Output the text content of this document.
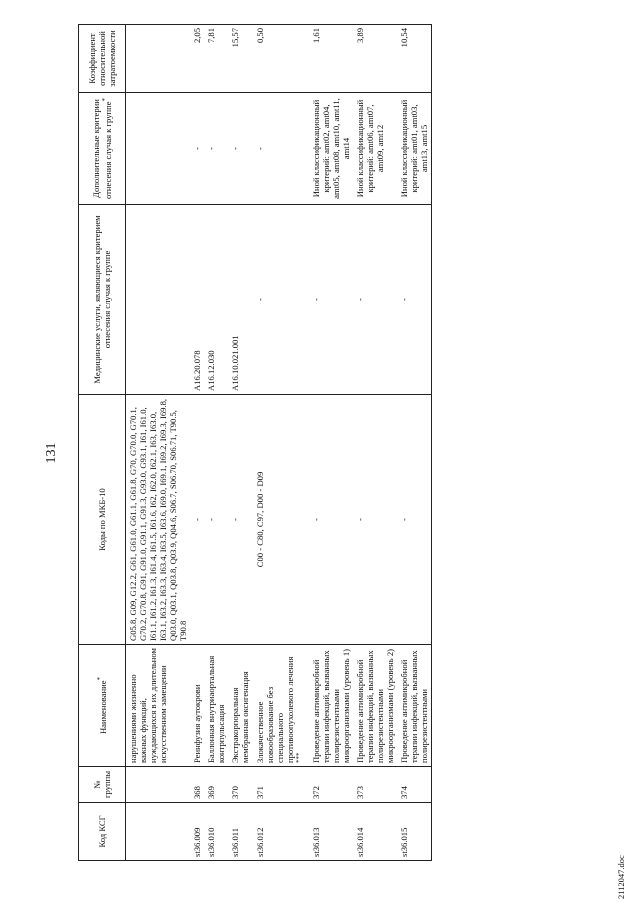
131
Код КСГ	№ группы	Наименование*	Коды по МКБ-10	Медицинские услуги, являющиеся критерием отнесения случая к группе	Дополнительные критерии отнесения случая к группе*	Коэффициент относительной затратоемкости
		нарушениями жизненно важных функций, нуждающихся в их длительном искусственном замещении	G05.8, G09, G12.2, G61, G61.0, G61.1, G61.8, G70, G70.0, G70.1, G70.2, G70.8, G91, G91.0, G91.1, G91.3, G93.0, G93.1, I61, I61.0, I61.1, I61.2, I61.3, I61.4, I61.5, I61.6, I62, I62.0, I62.1, I63, I63.0, I63.1, I63.2, I63.3, I63.4, I63.5, I63.6, I69.0, I69.1, I69.2, I69.3, I69.8, Q03.0, Q03.1, Q03.8, Q03.9, Q04.6, S06.7, S06.70, S06.71, T90.5, T90.8			
st36.009	368	Реинфузия аутокрови	-	A16.20.078	-	2,05
st36.010	369	Баллонная внутриаортальная контрпульсация	-	A16.12.030	-	7,81
st36.011	370	Экстракорпоральная мембранная оксигенация	-	A16.10.021.001	-	15,57
st36.012	371	Злокачественное новообразование без специального противоопухолевого лечения ***	C00 - C80, C97, D00 - D09	-	-	0,50
st36.013	372	Проведение антимикробной терапии инфекций, вызванных полирезистентными микроорганизмами (уровень 1)	-	-	Иной классификационный критерий: amt02, amt04, amt05, amt08, amt10, amt11, amt14	1,61
st36.014	373	Проведение антимикробной терапии инфекций, вызванных полирезистентными микроорганизмами (уровень 2)	-	-	Иной классификационный критерий: amt06, amt07, amt09, amt12	3,89
st36.015	374	Проведение антимикробной терапии инфекций, вызванных полирезистентными	-	-	Иной классификационный критерий: amt01, amt03, amt13, amt15	10,54
2112047.doc
